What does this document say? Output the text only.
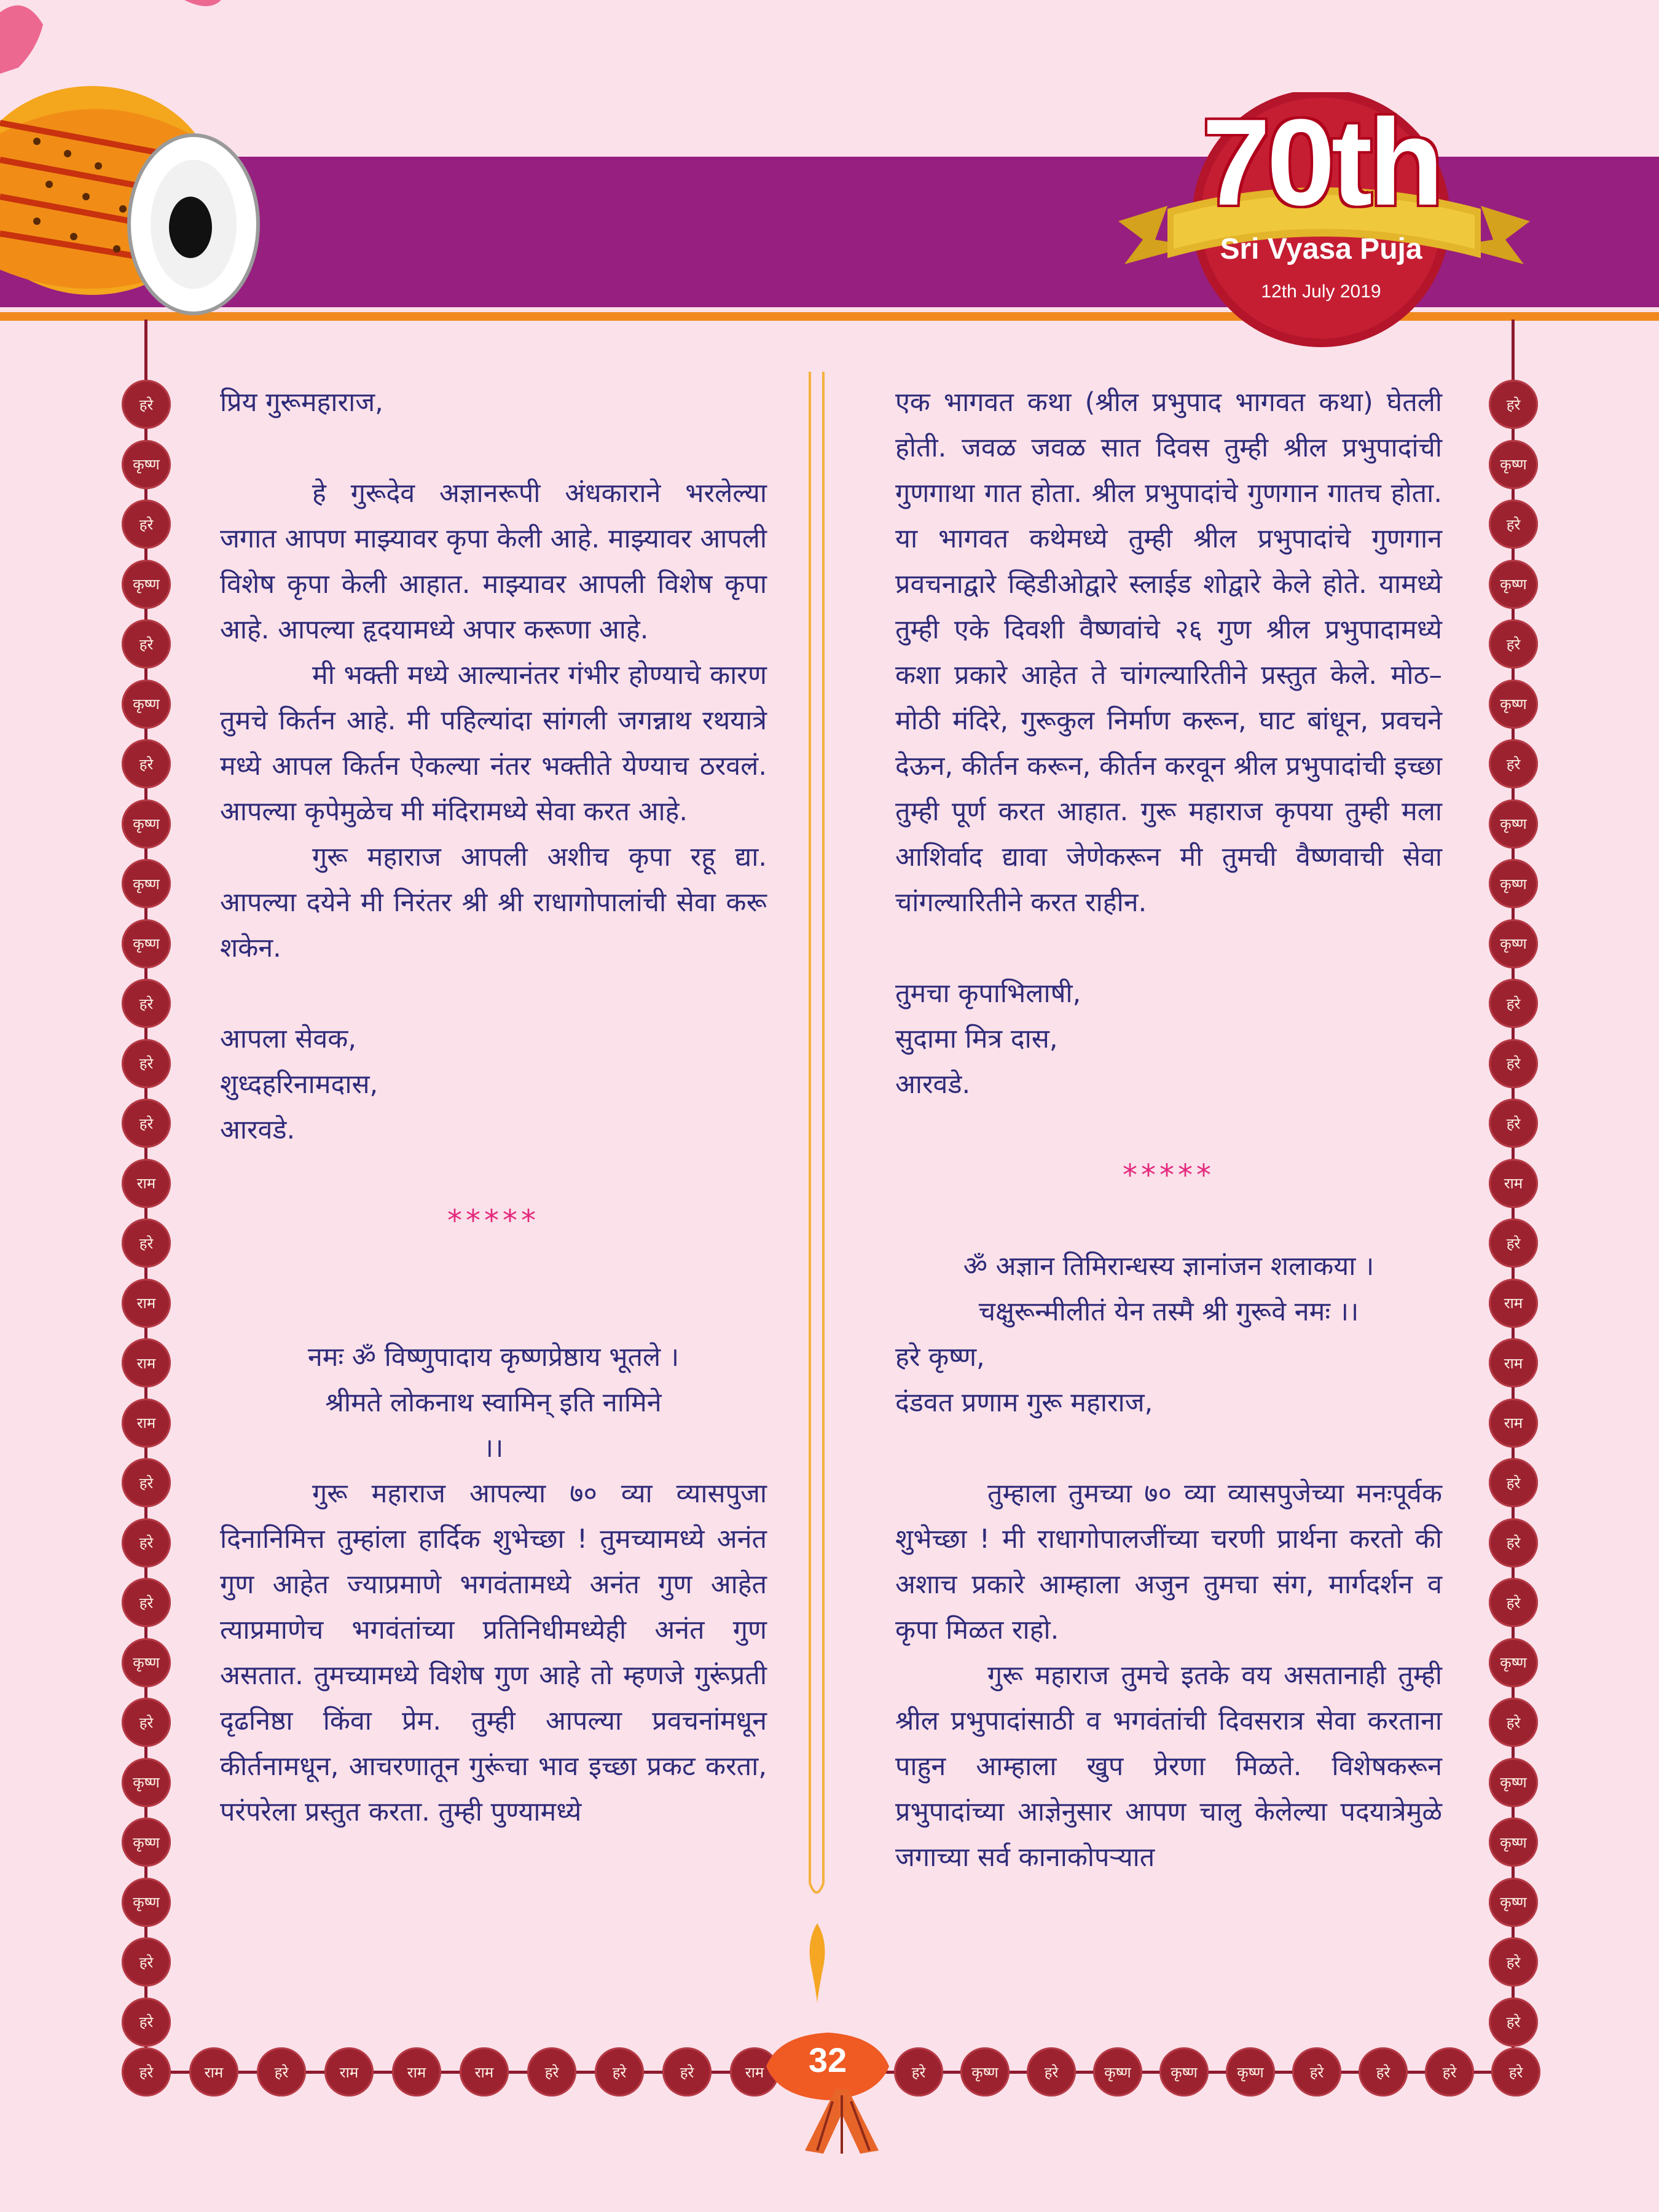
70th
Sri Vyasa Puja
12th July 2019
हरे
कृष्ण
हरे
कृष्ण
हरे
कृष्ण
हरे
कृष्ण
कृष्ण
कृष्ण
हरे
हरे
हरे
राम
हरे
राम
राम
राम
हरे
हरे
हरे
कृष्ण
हरे
कृष्ण
कृष्ण
कृष्ण
हरे
हरे
हरे
कृष्ण
हरे
कृष्ण
हरे
कृष्ण
हरे
कृष्ण
कृष्ण
कृष्ण
हरे
हरे
हरे
राम
हरे
राम
राम
राम
हरे
हरे
हरे
कृष्ण
हरे
कृष्ण
कृष्ण
कृष्ण
हरे
हरे
हरे	राम	हरे	राम	राम	राम	हरे	हरे	हरे	राम	हरे	कृष्ण	हरे	कृष्ण	कृष्ण	कृष्ण	हरे	हरे	हरे	हरे
32

प्रिय गुरूमहाराज,

हे गुरूदेव अज्ञानरूपी अंधकाराने भरलेल्या जगात आपण माझ्यावर कृपा केली आहे. माझ्यावर आपली विशेष कृपा केली आहात. माझ्यावर आपली विशेष कृपा आहे. आपल्या हृदयामध्ये अपार करूणा आहे.

मी भक्ती मध्ये आल्यानंतर गंभीर होण्याचे कारण तुमचे किर्तन आहे. मी पहिल्यांदा सांगली जगन्नाथ रथयात्रे मध्ये आपल किर्तन ऐकल्या नंतर भक्तीते येण्याच ठरवलं. आपल्या कृपेमुळेच मी मंदिरामध्ये सेवा करत आहे.

गुरू महाराज आपली अशीच कृपा रहू द्या. आपल्या दयेने मी निरंतर श्री श्री राधागोपालांची सेवा करू शकेन.

आपला सेवक,

शुध्दहरिनामदास,

आरवडे.

*****

नमः ॐ विष्णुपादाय कृष्णप्रेष्ठाय भूतले ।

श्रीमते लोकनाथ स्वामिन् इति नामिने

।।

गुरू महाराज आपल्या ७० व्या व्यासपुजा दिनानिमित्त तुम्हांला हार्दिक शुभेच्छा ! तुमच्यामध्ये अनंत गुण आहेत ज्याप्रमाणे भगवंतामध्ये अनंत गुण आहेत त्याप्रमाणेच भगवंतांच्या प्रतिनिधीमध्येही अनंत गुण असतात. तुमच्यामध्ये विशेष गुण आहे तो म्हणजे गुरूंप्रती दृढनिष्ठा किंवा प्रेम. तुम्ही आपल्या प्रवचनांमधून कीर्तनामधून, आचरणातून गुरूंचा भाव इच्छा प्रकट करता, परंपरेला प्रस्तुत करता. तुम्ही पुण्यामध्ये

एक भागवत कथा (श्रील प्रभुपाद भागवत कथा) घेतली होती. जवळ जवळ सात दिवस तुम्ही श्रील प्रभुपादांची गुणगाथा गात होता. श्रील प्रभुपादांचे गुणगान गातच होता. या भागवत कथेमध्ये तुम्ही श्रील प्रभुपादांचे गुणगान प्रवचनाद्वारे व्हिडीओद्वारे स्लाईड शोद्वारे केले होते. यामध्ये तुम्ही एके दिवशी वैष्णवांचे २६ गुण श्रील प्रभुपादामध्ये कशा प्रकारे आहेत ते चांगल्यारितीने प्रस्तुत केले. मोठ–मोठी मंदिरे, गुरूकुल निर्माण करून, घाट बांधून, प्रवचने देऊन, कीर्तन करून, कीर्तन करवून श्रील प्रभुपादांची इच्छा तुम्ही पूर्ण करत आहात. गुरू महाराज कृपया तुम्ही मला आशिर्वाद द्यावा जेणेकरून मी तुमची वैष्णवाची सेवा चांगल्यारितीने करत राहीन.

तुमचा कृपाभिलाषी,

सुदामा मित्र दास,

आरवडे.

*****

ॐ अज्ञान तिमिरान्धस्य ज्ञानांजन शलाकया ।

चक्षुरून्मीलीतं येन तस्मै श्री गुरूवे नमः ।।

हरे कृष्ण,

दंडवत प्रणाम गुरू महाराज,

तुम्हाला तुमच्या ७० व्या व्यासपुजेच्या मनःपूर्वक शुभेच्छा ! मी राधागोपालजींच्या चरणी प्रार्थना करतो की अशाच प्रकारे आम्हाला अजुन तुमचा संग, मार्गदर्शन व कृपा मिळत राहो.

गुरू महाराज तुमचे इतके वय असतानाही तुम्ही श्रील प्रभुपादांसाठी व भगवंतांची दिवसरात्र सेवा करताना पाहुन आम्हाला खुप प्रेरणा मिळते. विशेषकरून प्रभुपादांच्या आज्ञेनुसार आपण चालु केलेल्या पदयात्रेमुळे जगाच्या सर्व कानाकोपऱ्यात
